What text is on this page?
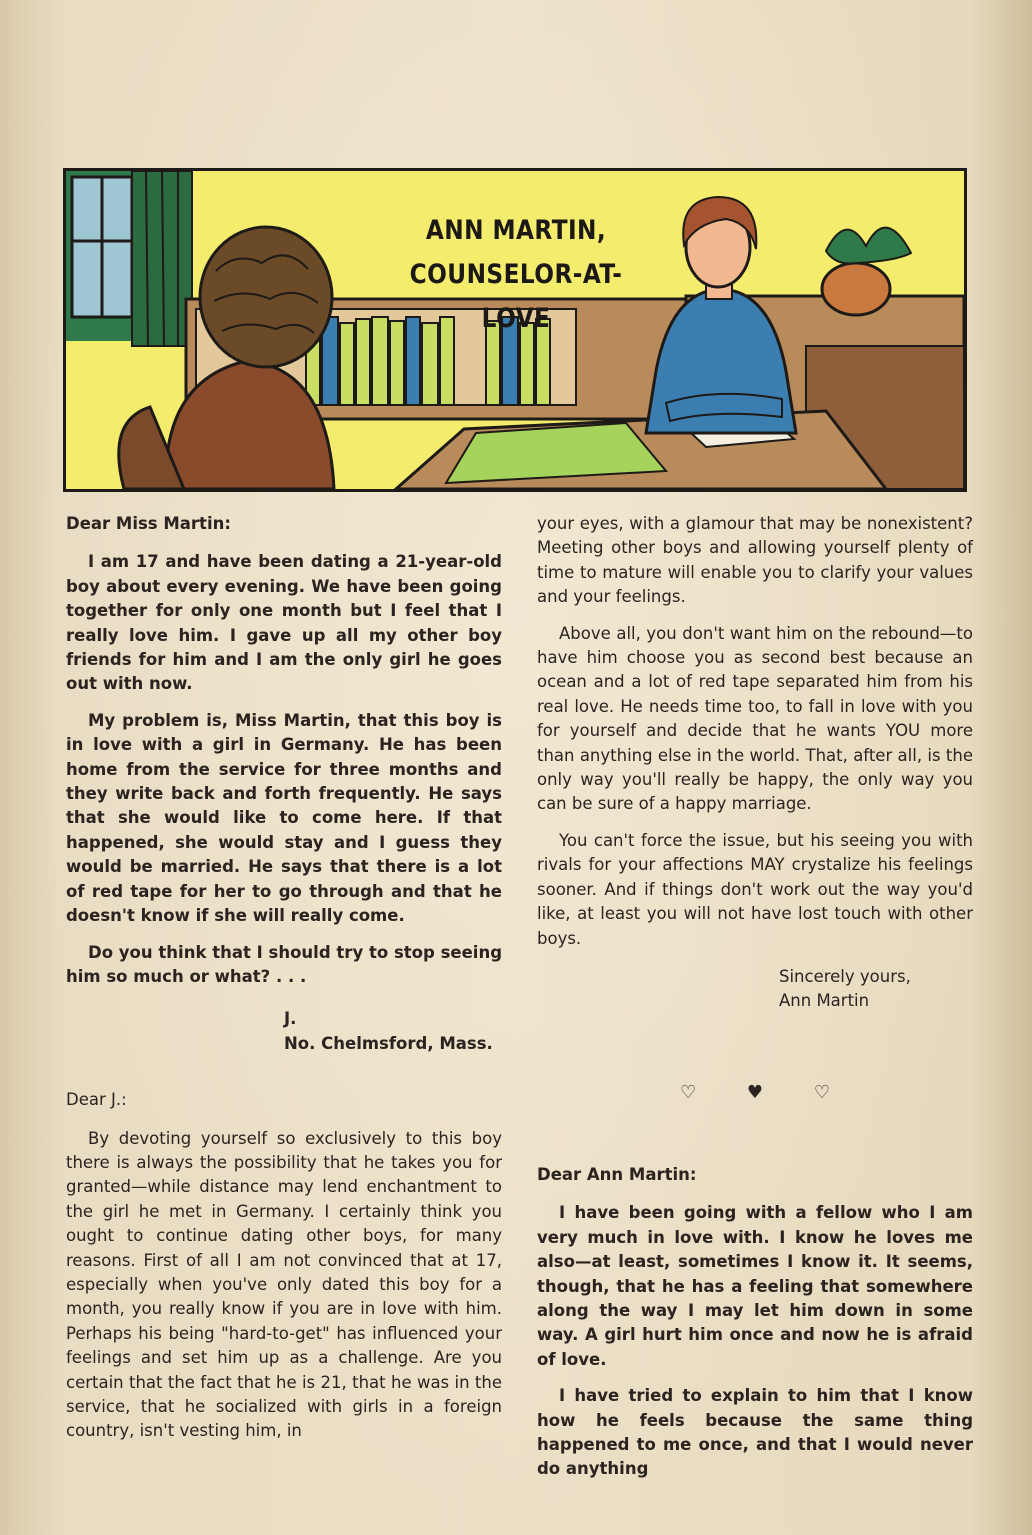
ANN MARTIN,
COUNSELOR-AT-LOVE

Dear Miss Martin:

I am 17 and have been dating a 21-year-old boy about every evening. We have been going together for only one month but I feel that I really love him. I gave up all my other boy friends for him and I am the only girl he goes out with now.

My problem is, Miss Martin, that this boy is in love with a girl in Germany. He has been home from the service for three months and they write back and forth frequently. He says that she would like to come here. If that happened, she would stay and I guess they would be married. He says that there is a lot of red tape for her to go through and that he doesn't know if she will really come.

Do you think that I should try to stop seeing him so much or what? . . .

J.
No. Chelmsford, Mass.

Dear J.:

By devoting yourself so exclusively to this boy there is always the possibility that he takes you for granted—while distance may lend enchantment to the girl he met in Germany. I certainly think you ought to continue dating other boys, for many reasons. First of all I am not convinced that at 17, especially when you've only dated this boy for a month, you really know if you are in love with him. Perhaps his being "hard-to-get" has influenced your feelings and set him up as a challenge. Are you certain that the fact that he is 21, that he was in the service, that he socialized with girls in a foreign country, isn't vesting him, in

your eyes, with a glamour that may be nonexistent? Meeting other boys and allowing yourself plenty of time to mature will enable you to clarify your values and your feelings.

Above all, you don't want him on the rebound—to have him choose you as second best because an ocean and a lot of red tape separated him from his real love. He needs time too, to fall in love with you for yourself and decide that he wants YOU more than anything else in the world. That, after all, is the only way you'll really be happy, the only way you can be sure of a happy marriage.

You can't force the issue, but his seeing you with rivals for your affections MAY crystalize his feelings sooner. And if things don't work out the way you'd like, at least you will not have lost touch with other boys.

Sincerely yours,
Ann Martin
♡	♥	♡

Dear Ann Martin:

I have been going with a fellow who I am very much in love with. I know he loves me also—at least, sometimes I know it. It seems, though, that he has a feeling that somewhere along the way I may let him down in some way. A girl hurt him once and now he is afraid of love.

I have tried to explain to him that I know how he feels because the same thing happened to me once, and that I would never do anything
